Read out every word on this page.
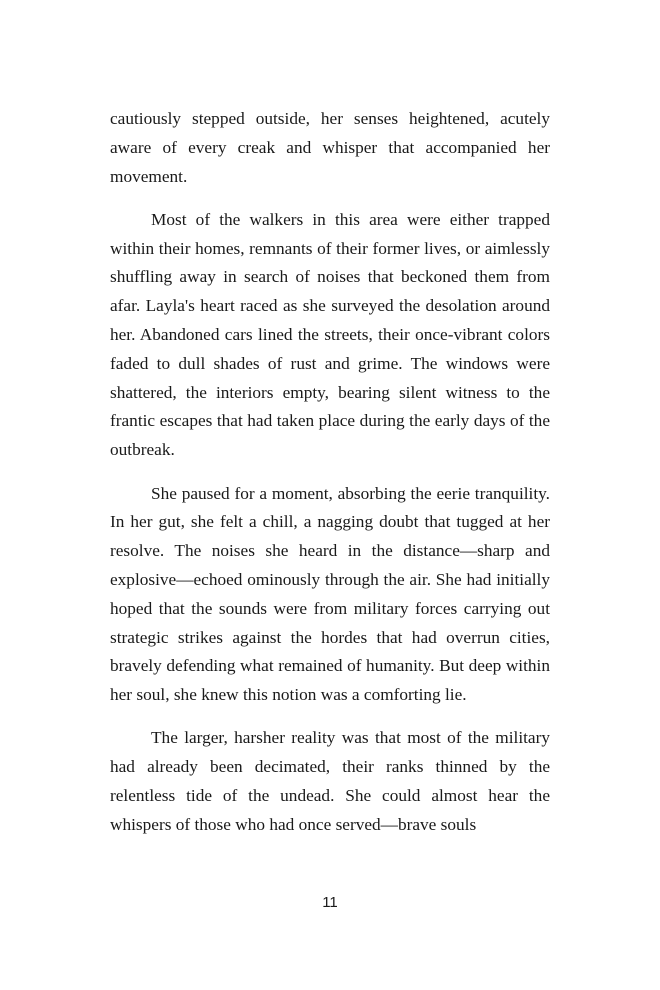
cautiously stepped outside, her senses heightened, acutely aware of every creak and whisper that accompanied her movement.

Most of the walkers in this area were either trapped within their homes, remnants of their former lives, or aimlessly shuffling away in search of noises that beckoned them from afar. Layla's heart raced as she surveyed the desolation around her. Abandoned cars lined the streets, their once-vibrant colors faded to dull shades of rust and grime. The windows were shattered, the interiors empty, bearing silent witness to the frantic escapes that had taken place during the early days of the outbreak.

She paused for a moment, absorbing the eerie tranquility. In her gut, she felt a chill, a nagging doubt that tugged at her resolve. The noises she heard in the distance—sharp and explosive—echoed ominously through the air. She had initially hoped that the sounds were from military forces carrying out strategic strikes against the hordes that had overrun cities, bravely defending what remained of humanity. But deep within her soul, she knew this notion was a comforting lie.

The larger, harsher reality was that most of the military had already been decimated, their ranks thinned by the relentless tide of the undead. She could almost hear the whispers of those who had once served—brave souls

11
